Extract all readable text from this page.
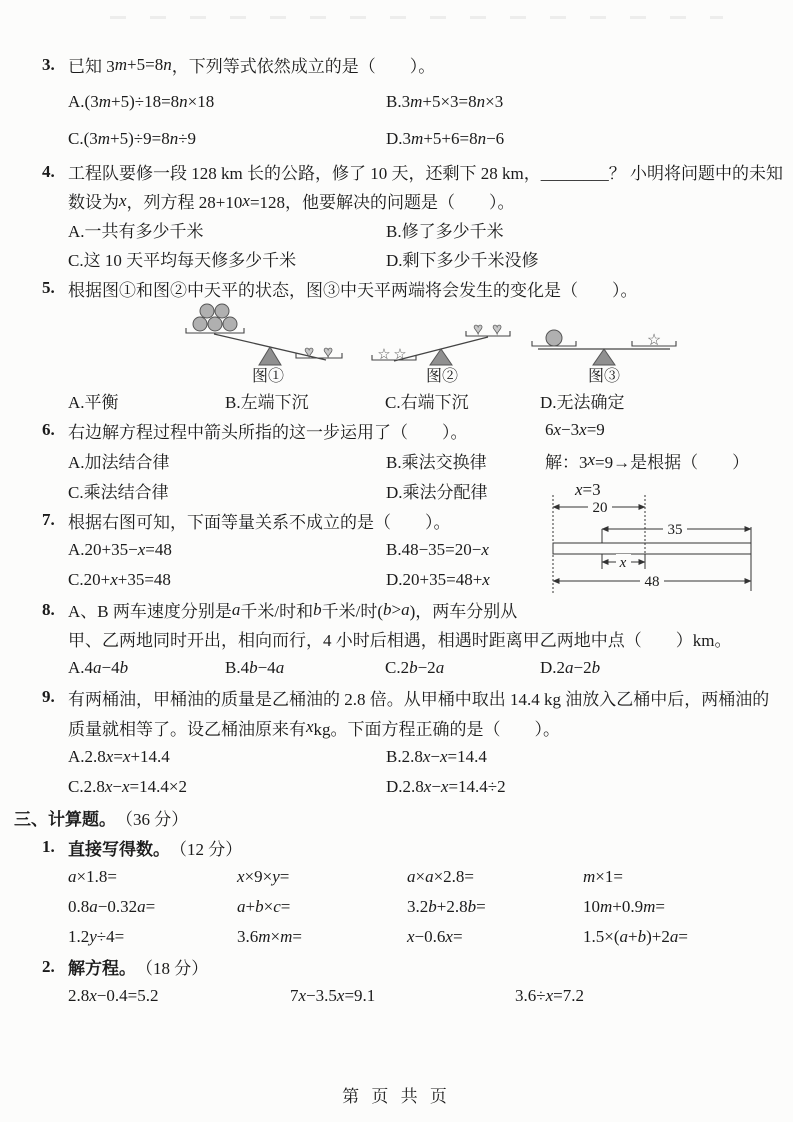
3. 已知 3 m +5=8 n ，下列等式依然成立的是（　　）。
A.(3 m +5)÷18=8 n ×18	B.3 m +5×3=8 n ×3
C.(3 m +5)÷9=8 n ÷9	D.3 m +5+6=8 n −6
4. 工程队要修一段 128 km 长的公路，修了 10 天，还剩下 28 km，________？ 小明将问题中的未知
数设为 x ，列方程 28+10 x =128，他要解决的问题是（　　）。
A.一共有多少千米	B.修了多少千米
C.这 10 天平均每天修多少千米	D.剩下多少千米没修
5. 根据图①和图②中天平的状态，图③中天平两端将会发生的变化是（　　）。
♥ ♥
图①
☆ ☆
♥ ♥
图②
☆
图③
A.平衡	B.左端下沉	C.右端下沉	D.无法确定
6. 右边解方程过程中箭头所指的这一步运用了（　　）。	6 x −3 x =9
A.加法结合律	B.乘法交换律	解：3 x =9→是根据（　　）
C.乘法结合律	D.乘法分配律	x =3
7. 根据右图可知，下面等量关系不成立的是（　　）。
A.20+35− x =48	B.48−35=20− x
C.20+ x +35=48	D.20+35=48+ x
20
35
x
48
8. A、B 两车速度分别是 a 千米/时和 b 千米/时( b > a )，两车分别从
甲、乙两地同时开出，相向而行，4 小时后相遇，相遇时距离甲乙两地中点（　　）km。
A.4 a −4 b	B.4 b −4 a	C.2 b −2 a	D.2 a −2 b
9. 有两桶油，甲桶油的质量是乙桶油的 2.8 倍。从甲桶中取出 14.4 kg 油放入乙桶中后，两桶油的
质量就相等了。设乙桶油原来有 x kg。下面方程正确的是（　　）。
A.2.8 x = x +14.4	B.2.8 x − x =14.4
C.2.8 x − x =14.4×2	D.2.8 x − x =14.4÷2
三、计算题。 （36 分）
1. 直接写得数。 （12 分）
a ×1.8=	x ×9× y =	a × a ×2.8=	m ×1=
0.8 a −0.32 a =	a + b × c =	3.2 b +2.8 b =	10 m +0.9 m =
1.2 y ÷4=	3.6 m × m =	x −0.6 x =	1.5×( a + b )+2 a =
2. 解方程。 （18 分）
2.8 x −0.4=5.2	7 x −3.5 x =9.1	3.6÷ x =7.2
第 页 共 页
